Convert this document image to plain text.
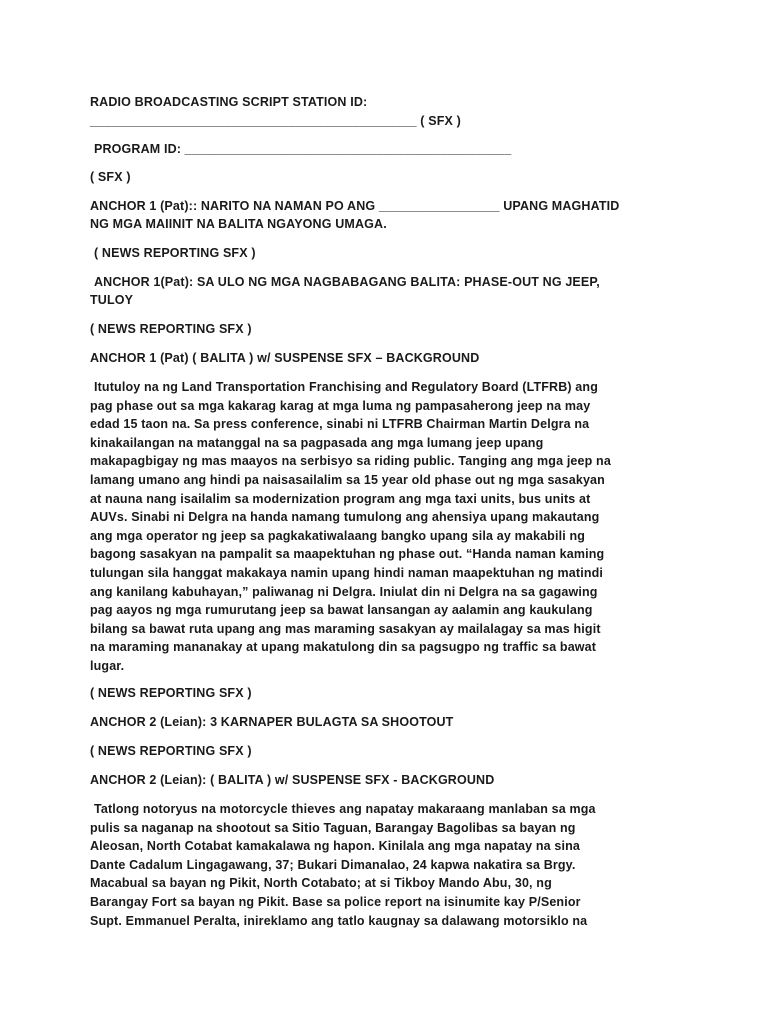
RADIO BROADCASTING SCRIPT STATION ID:
______________________________________________ ( SFX )
PROGRAM ID: ______________________________________________
( SFX )
ANCHOR 1 (Pat):: NARITO NA NAMAN PO ANG _________________ UPANG MAGHATID
NG MGA MAIINIT NA BALITA NGAYONG UMAGA.
( NEWS REPORTING SFX )
ANCHOR 1(Pat): SA ULO NG MGA NAGBABAGANG BALITA: PHASE-OUT NG JEEP,
TULOY
( NEWS REPORTING SFX )
ANCHOR 1 (Pat) ( BALITA ) w/ SUSPENSE SFX – BACKGROUND
Itutuloy na ng Land Transportation Franchising and Regulatory Board (LTFRB) ang
pag phase out sa mga kakarag karag at mga luma ng pampasaherong jeep na may
edad 15 taon na. Sa press conference, sinabi ni LTFRB Chairman Martin Delgra na
kinakailangan na matanggal na sa pagpasada ang mga lumang jeep upang
makapagbigay ng mas maayos na serbisyo sa riding public. Tanging ang mga jeep na
lamang umano ang hindi pa naisasailalim sa 15 year old phase out ng mga sasakyan
at nauna nang isailalim sa modernization program ang mga taxi units, bus units at
AUVs. Sinabi ni Delgra na handa namang tumulong ang ahensiya upang makautang
ang mga operator ng jeep sa pagkakatiwalaang bangko upang sila ay makabili ng
bagong sasakyan na pampalit sa maapektuhan ng phase out. “Handa naman kaming
tulungan sila hanggat makakaya namin upang hindi naman maapektuhan ng matindi
ang kanilang kabuhayan,” paliwanag ni Delgra. Iniulat din ni Delgra na sa gagawing
pag aayos ng mga rumurutang jeep sa bawat lansangan ay aalamin ang kaukulang
bilang sa bawat ruta upang ang mas maraming sasakyan ay mailalagay sa mas higit
na maraming mananakay at upang makatulong din sa pagsugpo ng traffic sa bawat
lugar.
( NEWS REPORTING SFX )
ANCHOR 2 (Leian): 3 KARNAPER BULAGTA SA SHOOTOUT
( NEWS REPORTING SFX )
ANCHOR 2 (Leian): ( BALITA ) w/ SUSPENSE SFX - BACKGROUND
Tatlong notoryus na motorcycle thieves ang napatay makaraang manlaban sa mga
pulis sa naganap na shootout sa Sitio Taguan, Barangay Bagolibas sa bayan ng
Aleosan, North Cotabat kamakalawa ng hapon. Kinilala ang mga napatay na sina
Dante Cadalum Lingagawang, 37; Bukari Dimanalao, 24 kapwa nakatira sa Brgy.
Macabual sa bayan ng Pikit, North Cotabato; at si Tikboy Mando Abu, 30, ng
Barangay Fort sa bayan ng Pikit. Base sa police report na isinumite kay P/Senior
Supt. Emmanuel Peralta, inireklamo ang tatlo kaugnay sa dalawang motorsiklo na
